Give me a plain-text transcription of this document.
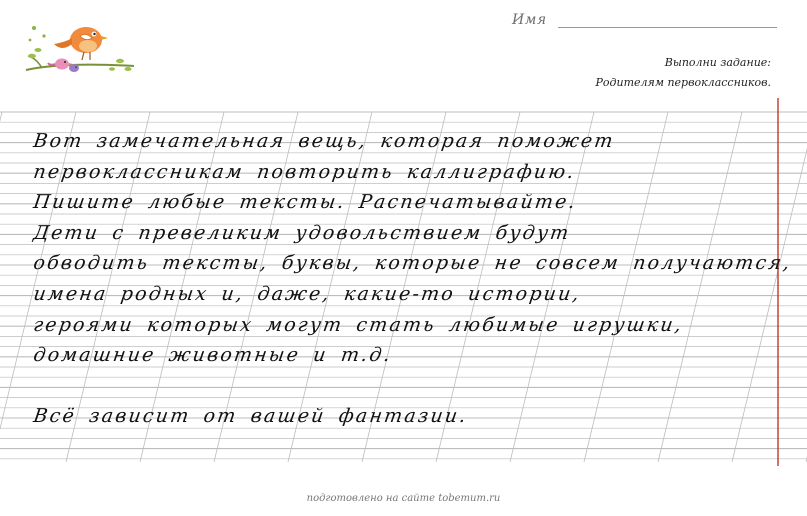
Имя
Выполни задание:
Родителям первоклассников.
Вот замечательная вещь, которая поможет
первоклассникам повторить каллиграфию.
Пишите любые тексты. Распечатывайте.
Дети с превеликим удовольствием будут
обводить тексты, буквы, которые не совсем получаются,
имена родных и, даже, какие-то истории,
героями которых могут стать любимые игрушки,
домашние животные и т.д.
Всё зависит от вашей фантазии.
подготовлено на сайте tobemum.ru
